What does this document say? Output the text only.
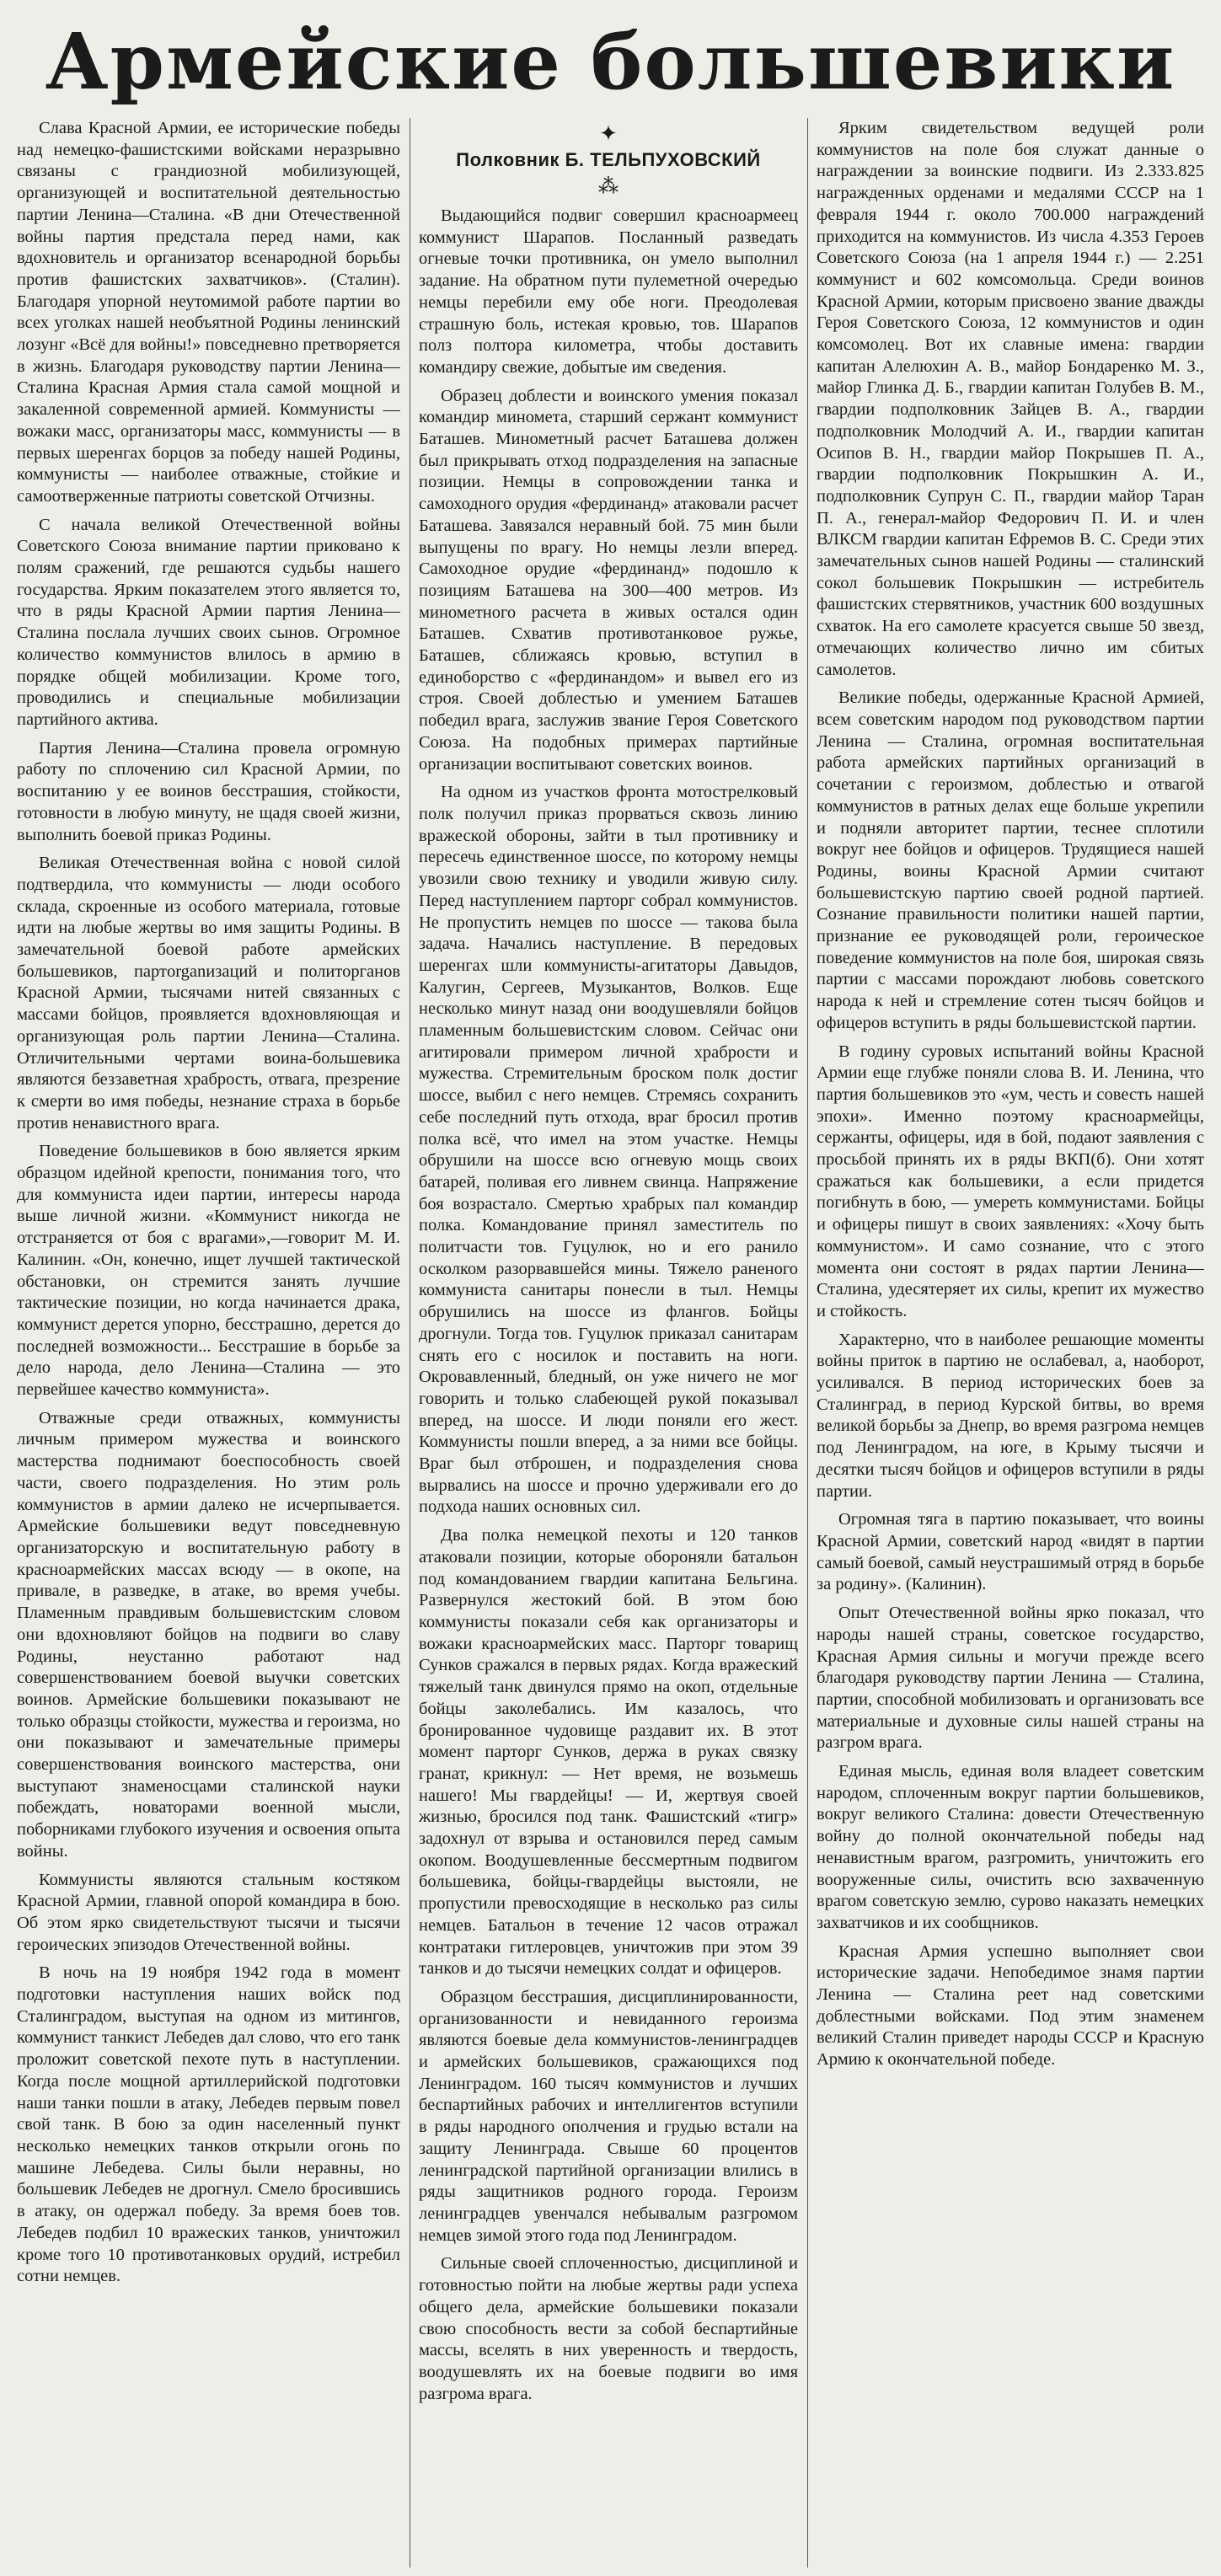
Армейские большевики

Слава Красной Армии, ее исторические победы над немецко-фашистскими войсками неразрывно связаны с грандиозной мобилизующей, организующей и воспитательной деятельностью партии Ленина—Сталина. «В дни Отечественной войны партия предстала перед нами, как вдохновитель и организатор всенародной борьбы против фашистских захватчиков». (Сталин). Благодаря упорной неутомимой работе партии во всех уголках нашей необъятной Родины ленинский лозунг «Всё для войны!» повседневно претворяется в жизнь. Благодаря руководству партии Ленина—Сталина Красная Армия стала самой мощной и закаленной современной армией. Коммунисты — вожаки масс, организаторы масс, коммунисты — в первых шеренгах борцов за победу нашей Родины, коммунисты — наиболее отважные, стойкие и самоотверженные патриоты советской Отчизны.

С начала великой Отечественной войны Советского Союза внимание партии приковано к полям сражений, где решаются судьбы нашего государства. Ярким показателем этого является то, что в ряды Красной Армии партия Ленина—Сталина послала лучших своих сынов. Огромное количество коммунистов влилось в армию в порядке общей мобилизации. Кроме того, проводились и специальные мобилизации партийного актива.

Партия Ленина—Сталина провела огромную работу по сплочению сил Красной Армии, по воспитанию у ее воинов бесстрашия, стойкости, готовности в любую минуту, не щадя своей жизни, выполнить боевой приказ Родины.

Великая Отечественная война с новой силой подтвердила, что коммунисты — люди особого склада, скроенные из особого материала, готовые идти на любые жертвы во имя защиты Родины. В замечательной боевой работе армейских большевиков, партorganизаций и политорганов Красной Армии, тысячами нитей связанных с массами бойцов, проявляется вдохновляющая и организующая роль партии Ленина—Сталина. Отличительными чертами воина-большевика являются беззаветная храбрость, отвага, презрение к смерти во имя победы, незнание страха в борьбе против ненавистного врага.

Поведение большевиков в бою является ярким образцом идейной крепости, понимания того, что для коммуниста идеи партии, интересы народа выше личной жизни. «Коммунист никогда не отстраняется от боя с врагами»,—говорит М. И. Калинин. «Он, конечно, ищет лучшей тактической обстановки, он стремится занять лучшие тактические позиции, но когда начинается драка, коммунист дерется упорно, бесстрашно, дерется до последней возможности... Бесстрашие в борьбе за дело народа, дело Ленина—Сталина — это первейшее качество коммуниста».

Отважные среди отважных, коммунисты личным примером мужества и воинского мастерства поднимают боеспособность своей части, своего подразделения. Но этим роль коммунистов в армии далеко не исчерпывается. Армейские большевики ведут повседневную организаторскую и воспитательную работу в красноармейских массах всюду — в окопе, на привале, в разведке, в атаке, во время учебы. Пламенным правдивым большевистским словом они вдохновляют бойцов на подвиги во славу Родины, неустанно работают над совершенствованием боевой выучки советских воинов. Армейские большевики показывают не только образцы стойкости, мужества и героизма, но они показывают и замечательные примеры совершенствования воинского мастерства, они выступают знаменосцами сталинской науки побеждать, новаторами военной мысли, поборниками глубокого изучения и освоения опыта войны.

Коммунисты являются стальным костяком Красной Армии, главной опорой командира в бою. Об этом ярко свидетельствуют тысячи и тысячи героических эпизодов Отечественной войны.

В ночь на 19 ноября 1942 года в момент подготовки наступления наших войск под Сталинградом, выступая на одном из митингов, коммунист танкист Лебедев дал слово, что его танк проложит советской пехоте путь в наступлении. Когда после мощной артиллерийской подготовки наши танки пошли в атаку, Лебедев первым повел свой танк. В бою за один населенный пункт несколько немецких танков открыли огонь по машине Лебедева. Силы были неравны, но большевик Лебедев не дрогнул. Смело бросившись в атаку, он одержал победу. За время боев тов. Лебедев подбил 10 вражеских танков, уничтожил кроме того 10 противотанковых орудий, истребил сотни немцев.

✦
Полковник Б. ТЕЛЬПУХОВСКИЙ
⁂

Выдающийся подвиг совершил красноармеец коммунист Шарапов. Посланный разведать огневые точки противника, он умело выполнил задание. На обратном пути пулеметной очередью немцы перебили ему обе ноги. Преодолевая страшную боль, истекая кровью, тов. Шарапов полз полтора километра, чтобы доставить командиру свежие, добытые им сведения.

Образец доблести и воинского умения показал командир миномета, старший сержант коммунист Баташев. Минометный расчет Баташева должен был прикрывать отход подразделения на запасные позиции. Немцы в сопровождении танка и самоходного орудия «фердинанд» атаковали расчет Баташева. Завязался неравный бой. 75 мин были выпущены по врагу. Но немцы лезли вперед. Самоходное орудие «фердинанд» подошло к позициям Баташева на 300—400 метров. Из минометного расчета в живых остался один Баташев. Схватив противотанковое ружье, Баташев, сближаясь кровью, вступил в единоборство с «фердинандом» и вывел его из строя. Своей доблестью и умением Баташев победил врага, заслужив звание Героя Советского Союза. На подобных примерах партийные организации воспитывают советских воинов.

На одном из участков фронта мотострелковый полк получил приказ прорваться сквозь линию вражеской обороны, зайти в тыл противнику и пересечь единственное шоссе, по которому немцы увозили свою технику и уводили живую силу. Перед наступлением парторг собрал коммунистов. Не пропустить немцев по шоссе — такова была задача. Начались наступление. В передовых шеренгах шли коммунисты-агитаторы Давыдов, Калугин, Сергеев, Музыкантов, Волков. Еще несколько минут назад они воодушевляли бойцов пламенным большевистским словом. Сейчас они агитировали примером личной храбрости и мужества. Стремительным броском полк достиг шоссе, выбил с него немцев. Стремясь сохранить себе последний путь отхода, враг бросил против полка всё, что имел на этом участке. Немцы обрушили на шоссе всю огневую мощь своих батарей, поливая его ливнем свинца. Напряжение боя возрастало. Смертью храбрых пал командир полка. Командование принял заместитель по политчасти тов. Гуцулюк, но и его ранило осколком разорвавшейся мины. Тяжело раненого коммуниста санитары понесли в тыл. Немцы обрушились на шоссе из флангов. Бойцы дрогнули. Тогда тов. Гуцулюк приказал санитарам снять его с носилок и поставить на ноги. Окровавленный, бледный, он уже ничего не мог говорить и только слабеющей рукой показывал вперед, на шоссе. И люди поняли его жест. Коммунисты пошли вперед, а за ними все бойцы. Враг был отброшен, и подразделения снова вырвались на шоссе и прочно удерживали его до подхода наших основных сил.

Два полка немецкой пехоты и 120 танков атаковали позиции, которые обороняли батальон под командованием гвардии капитана Бельгина. Развернулся жестокий бой. В этом бою коммунисты показали себя как организаторы и вожаки красноармейских масс. Парторг товарищ Сунков сражался в первых рядах. Когда вражеский тяжелый танк двинулся прямо на окоп, отдельные бойцы заколебались. Им казалось, что бронированное чудовище раздавит их. В этот момент парторг Сунков, держа в руках связку гранат, крикнул: — Нет время, не возьмешь нашего! Мы гвардейцы! — И, жертвуя своей жизнью, бросился под танк. Фашистский «тигр» задохнул от взрыва и остановился перед самым окопом. Воодушевленные бессмертным подвигом большевика, бойцы-гвардейцы выстояли, не пропустили превосходящие в несколько раз силы немцев. Батальон в течение 12 часов отражал контратаки гитлеровцев, уничтожив при этом 39 танков и до тысячи немецких солдат и офицеров.

Образцом бесстрашия, дисциплинированности, организованности и невиданного героизма являются боевые дела коммунистов-ленинградцев и армейских большевиков, сражающихся под Ленинградом. 160 тысяч коммунистов и лучших беспартийных рабочих и интеллигентов вступили в ряды народного ополчения и грудью встали на защиту Ленинграда. Свыше 60 процентов ленинградской партийной организации влились в ряды защитников родного города. Героизм ленинградцев увенчался небывалым разгромом немцев зимой этого года под Ленинградом.

Сильные своей сплоченностью, дисциплиной и готовностью пойти на любые жертвы ради успеха общего дела, армейские большевики показали свою способность вести за собой беспартийные массы, вселять в них уверенность и твердость, воодушевлять их на боевые подвиги во имя разгрома врага.

Ярким свидетельством ведущей роли коммунистов на поле боя служат данные о награждении за воинские подвиги. Из 2.333.825 награжденных орденами и медалями СССР на 1 февраля 1944 г. около 700.000 награждений приходится на коммунистов. Из числа 4.353 Героев Советского Союза (на 1 апреля 1944 г.) — 2.251 коммунист и 602 комсомольца. Среди воинов Красной Армии, которым присвоено звание дважды Героя Советского Союза, 12 коммунистов и один комсомолец. Вот их славные имена: гвардии капитан Алелюхин А. В., майор Бондаренко М. З., майор Глинка Д. Б., гвардии капитан Голубев В. М., гвардии подполковник Зайцев В. А., гвардии подполковник Молодчий А. И., гвардии капитан Осипов В. Н., гвардии майор Покрышев П. А., гвардии подполковник Покрышкин А. И., подполковник Супрун С. П., гвардии майор Таран П. А., генерал-майор Федорович П. И. и член ВЛКСМ гвардии капитан Ефремов В. С. Среди этих замечательных сынов нашей Родины — сталинский сокол большевик Покрышкин — истребитель фашистских стервятников, участник 600 воздушных схваток. На его самолете красуется свыше 50 звезд, отмечающих количество лично им сбитых самолетов.

Великие победы, одержанные Красной Армией, всем советским народом под руководством партии Ленина — Сталина, огромная воспитательная работа армейских партийных организаций в сочетании с героизмом, доблестью и отвагой коммунистов в ратных делах еще больше укрепили и подняли авторитет партии, теснее сплотили вокруг нее бойцов и офицеров. Трудящиеся нашей Родины, воины Красной Армии считают большевистскую партию своей родной партией. Сознание правильности политики нашей партии, признание ее руководящей роли, героическое поведение коммунистов на поле боя, широкая связь партии с массами порождают любовь советского народа к ней и стремление сотен тысяч бойцов и офицеров вступить в ряды большевистской партии.

В годину суровых испытаний войны Красной Армии еще глубже поняли слова В. И. Ленина, что партия большевиков это «ум, честь и совесть нашей эпохи». Именно поэтому красноармейцы, сержанты, офицеры, идя в бой, подают заявления с просьбой принять их в ряды ВКП(б). Они хотят сражаться как большевики, а если придется погибнуть в бою, — умереть коммунистами. Бойцы и офицеры пишут в своих заявлениях: «Хочу быть коммунистом». И само сознание, что с этого момента они состоят в рядах партии Ленина—Сталина, удесятеряет их силы, крепит их мужество и стойкость.

Характерно, что в наиболее решающие моменты войны приток в партию не ослабевал, а, наоборот, усиливался. В период исторических боев за Сталинград, в период Курской битвы, во время великой борьбы за Днепр, во время разгрома немцев под Ленинградом, на юге, в Крыму тысячи и десятки тысяч бойцов и офицеров вступили в ряды партии.

Огромная тяга в партию показывает, что воины Красной Армии, советский народ «видят в партии самый боевой, самый неустрашимый отряд в борьбе за родину». (Калинин).

Опыт Отечественной войны ярко показал, что народы нашей страны, советское государство, Красная Армия сильны и могучи прежде всего благодаря руководству партии Ленина — Сталина, партии, способной мобилизовать и организовать все материальные и духовные силы нашей страны на разгром врага.

Единая мысль, единая воля владеет советским народом, сплоченным вокруг партии большевиков, вокруг великого Сталина: довести Отечественную войну до полной окончательной победы над ненавистным врагом, разгромить, уничтожить его вооруженные силы, очистить всю захваченную врагом советскую землю, сурово наказать немецких захватчиков и их сообщников.

Красная Армия успешно выполняет свои исторические задачи. Непобедимое знамя партии Ленина — Сталина реет над советскими доблестными войсками. Под этим знаменем великий Сталин приведет народы СССР и Красную Армию к окончательной победе.
